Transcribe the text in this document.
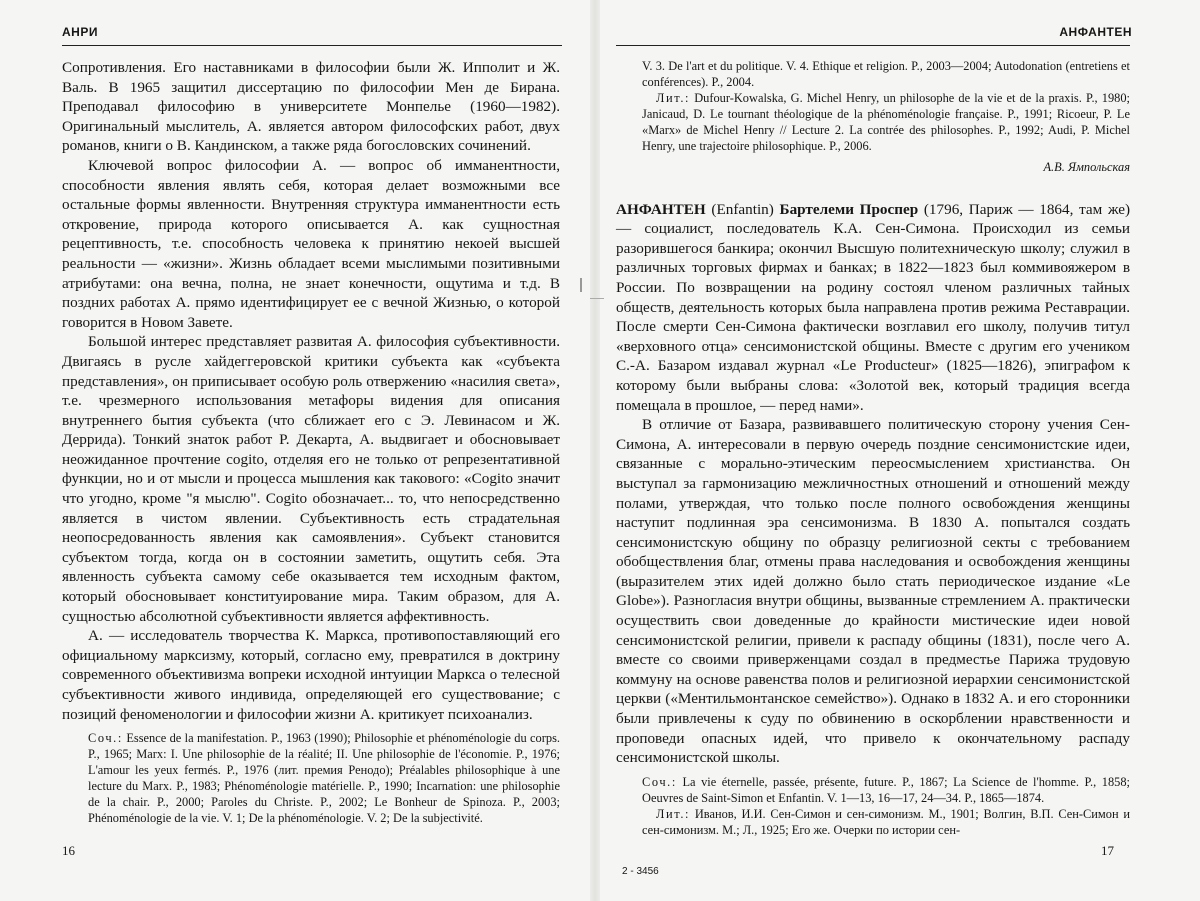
АНРИ

Сопротивления. Его наставниками в философии были Ж. Ипполит и Ж. Валь. В 1965 защитил диссертацию по философии Мен де Бирана. Преподавал философию в университете Монпелье (1960—1982). Оригинальный мыслитель, А. является автором философских работ, двух романов, книги о В. Кандинском, а также ряда богословских сочинений.

Ключевой вопрос философии А. — вопрос об имманентности, способности явления являть себя, которая делает возможными все остальные формы явленности. Внутренняя структура имманентности есть откровение, природа которого описывается А. как сущностная рецептивность, т.е. способность человека к принятию некоей высшей реальности — «жизни». Жизнь обладает всеми мыслимыми позитивными атрибутами: она вечна, полна, не знает конечности, ощутима и т.д. В поздних работах А. прямо идентифицирует ее с вечной Жизнью, о которой говорится в Новом Завете.

Большой интерес представляет развитая А. философия субъективности. Двигаясь в русле хайдеггеровской критики субъекта как «субъекта представления», он приписывает особую роль отвержению «насилия света», т.е. чрезмерного использования метафоры видения для описания внутреннего бытия субъекта (что сближает его с Э. Левинасом и Ж. Деррида). Тонкий знаток работ Р. Декарта, А. выдвигает и обосновывает неожиданное прочтение cogito, отделяя его не только от репрезентативной функции, но и от мысли и процесса мышления как такового: «Cogito значит что угодно, кроме "я мыслю". Cogito обозначает... то, что непосредственно является в чистом явлении. Субъективность есть страдательная неопосредованность явления как самоявления». Субъект становится субъектом тогда, когда он в состоянии заметить, ощутить себя. Эта явленность субъекта самому себе оказывается тем исходным фактом, который обосновывает конституирование мира. Таким образом, для А. сущностью абсолютной субъективности является аффективность.

А. — исследователь творчества К. Маркса, противопоставляющий его официальному марксизму, который, согласно ему, превратился в доктрину современного объективизма вопреки исходной интуиции Маркса о телесной субъективности живого индивида, определяющей его существование; с позиций феноменологии и философии жизни А. критикует психоанализ.

Соч.: Essence de la manifestation. P., 1963 (1990); Philosophie et phénoménologie du corps. P., 1965; Marx: I. Une philosophie de la réalité; II. Une philosophie de l'économie. P., 1976; L'amour les yeux fermés. P., 1976 (лит. премия Ренодо); Préalables philosophique à une lecture du Marx. P., 1983; Phénoménologie matérielle. P., 1990; Incarnation: une philosophie de la chair. P., 2000; Paroles du Christe. P., 2002; Le Bonheur de Spinoza. P., 2003; Phénoménologie de la vie. V. 1; De la phénoménologie. V. 2; De la subjectivité.

16
АНФАНТЕН

V. 3. De l'art et du politique. V. 4. Ethique et religion. P., 2003—2004; Autodonation (entretiens et conférences). P., 2004.

Лит.: Dufour-Kowalska, G. Michel Henry, un philosophe de la vie et de la praxis. P., 1980; Janicaud, D. Le tournant théologique de la phénoménologie française. P., 1991; Ricoeur, P. Le «Marx» de Michel Henry // Lecture 2. La contrée des philosophes. P., 1992; Audi, P. Michel Henry, une trajectoire philosophique. P., 2006.

А.В. Ямпольская

АНФАНТЕН (Enfantin) Бартелеми Проспер (1796, Париж — 1864, там же) — социалист, последователь К.А. Сен-Симона. Происходил из семьи разорившегося банкира; окончил Высшую политехническую школу; служил в различных торговых фирмах и банках; в 1822—1823 был коммивояжером в России. По возвращении на родину состоял членом различных тайных обществ, деятельность которых была направлена против режима Реставрации. После смерти Сен-Симона фактически возглавил его школу, получив титул «верховного отца» сенсимонистской общины. Вместе с другим его учеником С.-А. Базаром издавал журнал «Le Producteur» (1825—1826), эпиграфом к которому были выбраны слова: «Золотой век, который традиция всегда помещала в прошлое, — перед нами».

В отличие от Базара, развивавшего политическую сторону учения Сен-Симона, А. интересовали в первую очередь поздние сенсимонистские идеи, связанные с морально-этическим переосмыслением христианства. Он выступал за гармонизацию межличностных отношений и отношений между полами, утверждая, что только после полного освобождения женщины наступит подлинная эра сенсимонизма. В 1830 А. попытался создать сенсимонистскую общину по образцу религиозной секты с требованием обобществления благ, отмены права наследования и освобождения женщины (выразителем этих идей должно было стать периодическое издание «Le Globe»). Разногласия внутри общины, вызванные стремлением А. практически осуществить свои доведенные до крайности мистические идеи новой сенсимонистской религии, привели к распаду общины (1831), после чего А. вместе со своими приверженцами создал в предместье Парижа трудовую коммуну на основе равенства полов и религиозной иерархии сенсимонистской церкви («Ментильмонтанское семейство»). Однако в 1832 А. и его сторонники были привлечены к суду по обвинению в оскорблении нравственности и проповеди опасных идей, что привело к окончательному распаду сенсимонистской школы.

Соч.: La vie éternelle, passée, présente, future. P., 1867; La Science de l'homme. P., 1858; Oeuvres de Saint-Simon et Enfantin. V. 1—13, 16—17, 24—34. P., 1865—1874.

Лит.: Иванов, И.И. Сен-Симон и сен-симонизм. М., 1901; Волгин, В.П. Сен-Симон и сен-симонизм. М.; Л., 1925; Его же. Очерки по истории сен-

2 - 3456
17
